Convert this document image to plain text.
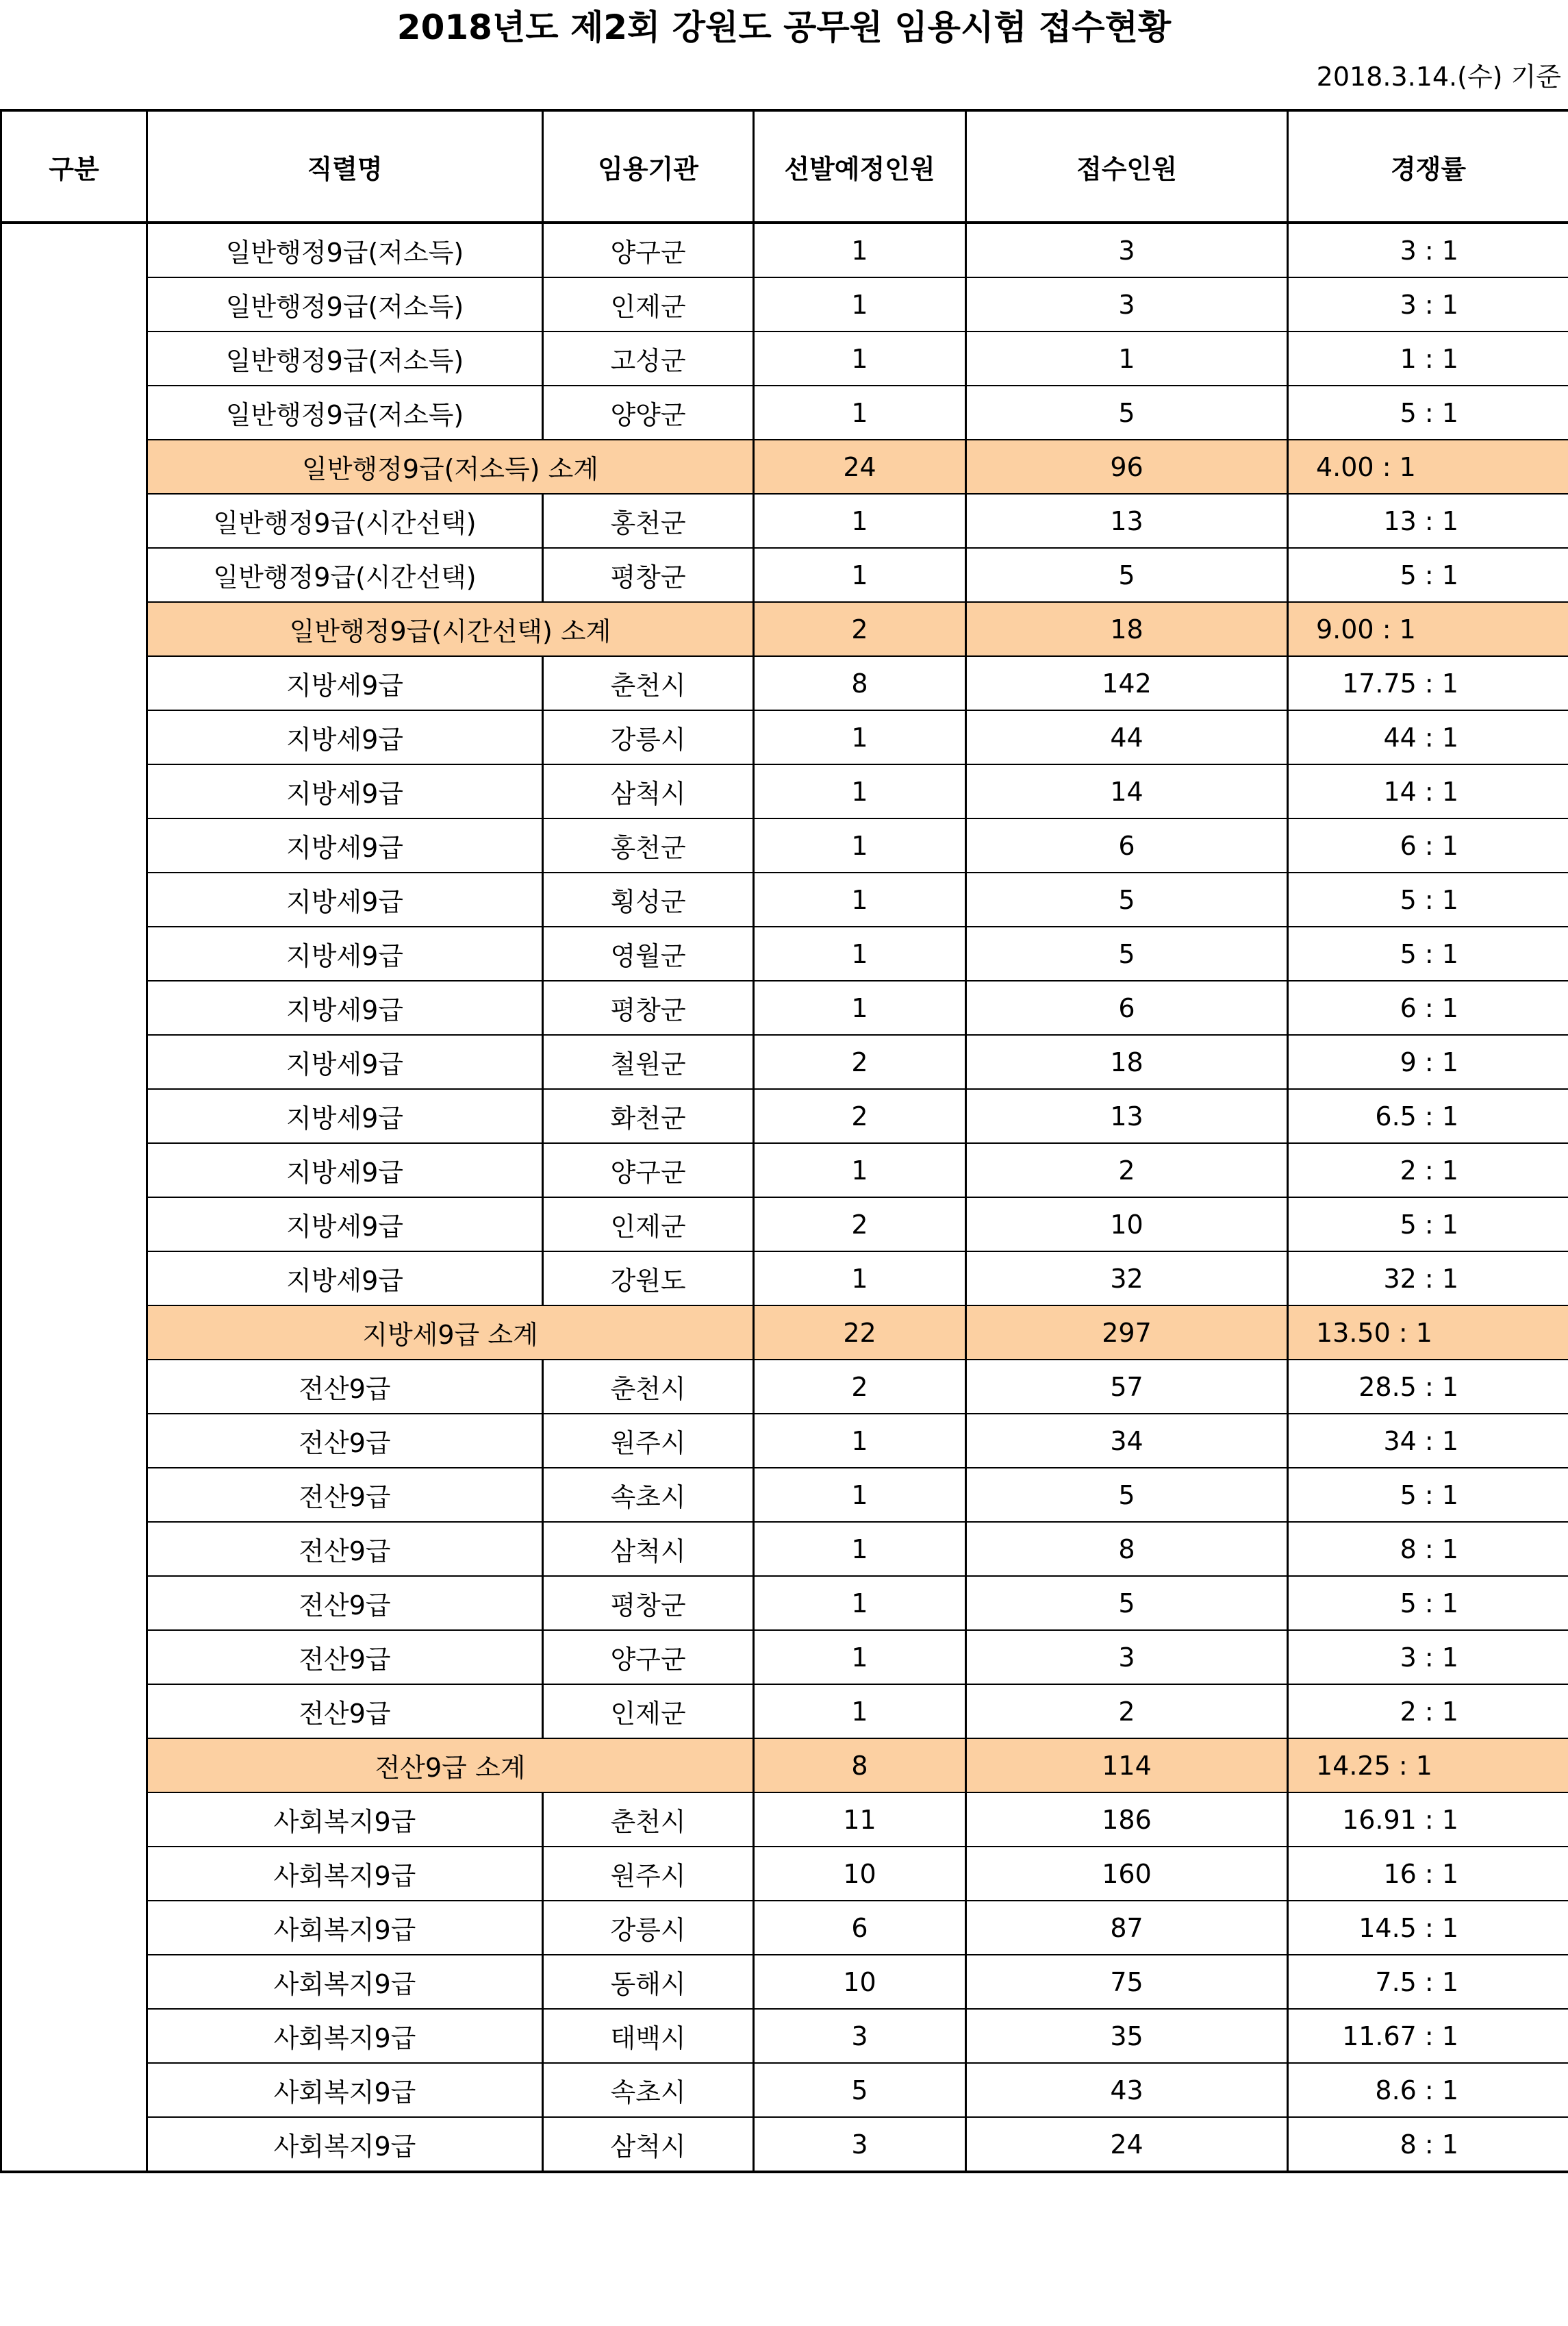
2018년도 제2회 강원도 공무원 임용시험 접수현황
2018.3.14.(수) 기준
구분	직렬명	임용기관	선발예정인원	접수인원	경쟁률
	일반행정9급(저소득)	양구군	1	3	3 : 1
	일반행정9급(저소득)	인제군	1	3	3 : 1
	일반행정9급(저소득)	고성군	1	1	1 : 1
	일반행정9급(저소득)	양양군	1	5	5 : 1
	일반행정9급(저소득) 소계		24	96	4.00 : 1
	일반행정9급(시간선택)	홍천군	1	13	13 : 1
	일반행정9급(시간선택)	평창군	1	5	5 : 1
	일반행정9급(시간선택) 소계		2	18	9.00 : 1
	지방세9급	춘천시	8	142	17.75 : 1
	지방세9급	강릉시	1	44	44 : 1
	지방세9급	삼척시	1	14	14 : 1
	지방세9급	홍천군	1	6	6 : 1
	지방세9급	횡성군	1	5	5 : 1
	지방세9급	영월군	1	5	5 : 1
	지방세9급	평창군	1	6	6 : 1
	지방세9급	철원군	2	18	9 : 1
	지방세9급	화천군	2	13	6.5 : 1
	지방세9급	양구군	1	2	2 : 1
	지방세9급	인제군	2	10	5 : 1
	지방세9급	강원도	1	32	32 : 1
	지방세9급 소계		22	297	13.50 : 1
	전산9급	춘천시	2	57	28.5 : 1
	전산9급	원주시	1	34	34 : 1
	전산9급	속초시	1	5	5 : 1
	전산9급	삼척시	1	8	8 : 1
	전산9급	평창군	1	5	5 : 1
	전산9급	양구군	1	3	3 : 1
	전산9급	인제군	1	2	2 : 1
	전산9급 소계		8	114	14.25 : 1
	사회복지9급	춘천시	11	186	16.91 : 1
	사회복지9급	원주시	10	160	16 : 1
	사회복지9급	강릉시	6	87	14.5 : 1
	사회복지9급	동해시	10	75	7.5 : 1
	사회복지9급	태백시	3	35	11.67 : 1
	사회복지9급	속초시	5	43	8.6 : 1
	사회복지9급	삼척시	3	24	8 : 1
